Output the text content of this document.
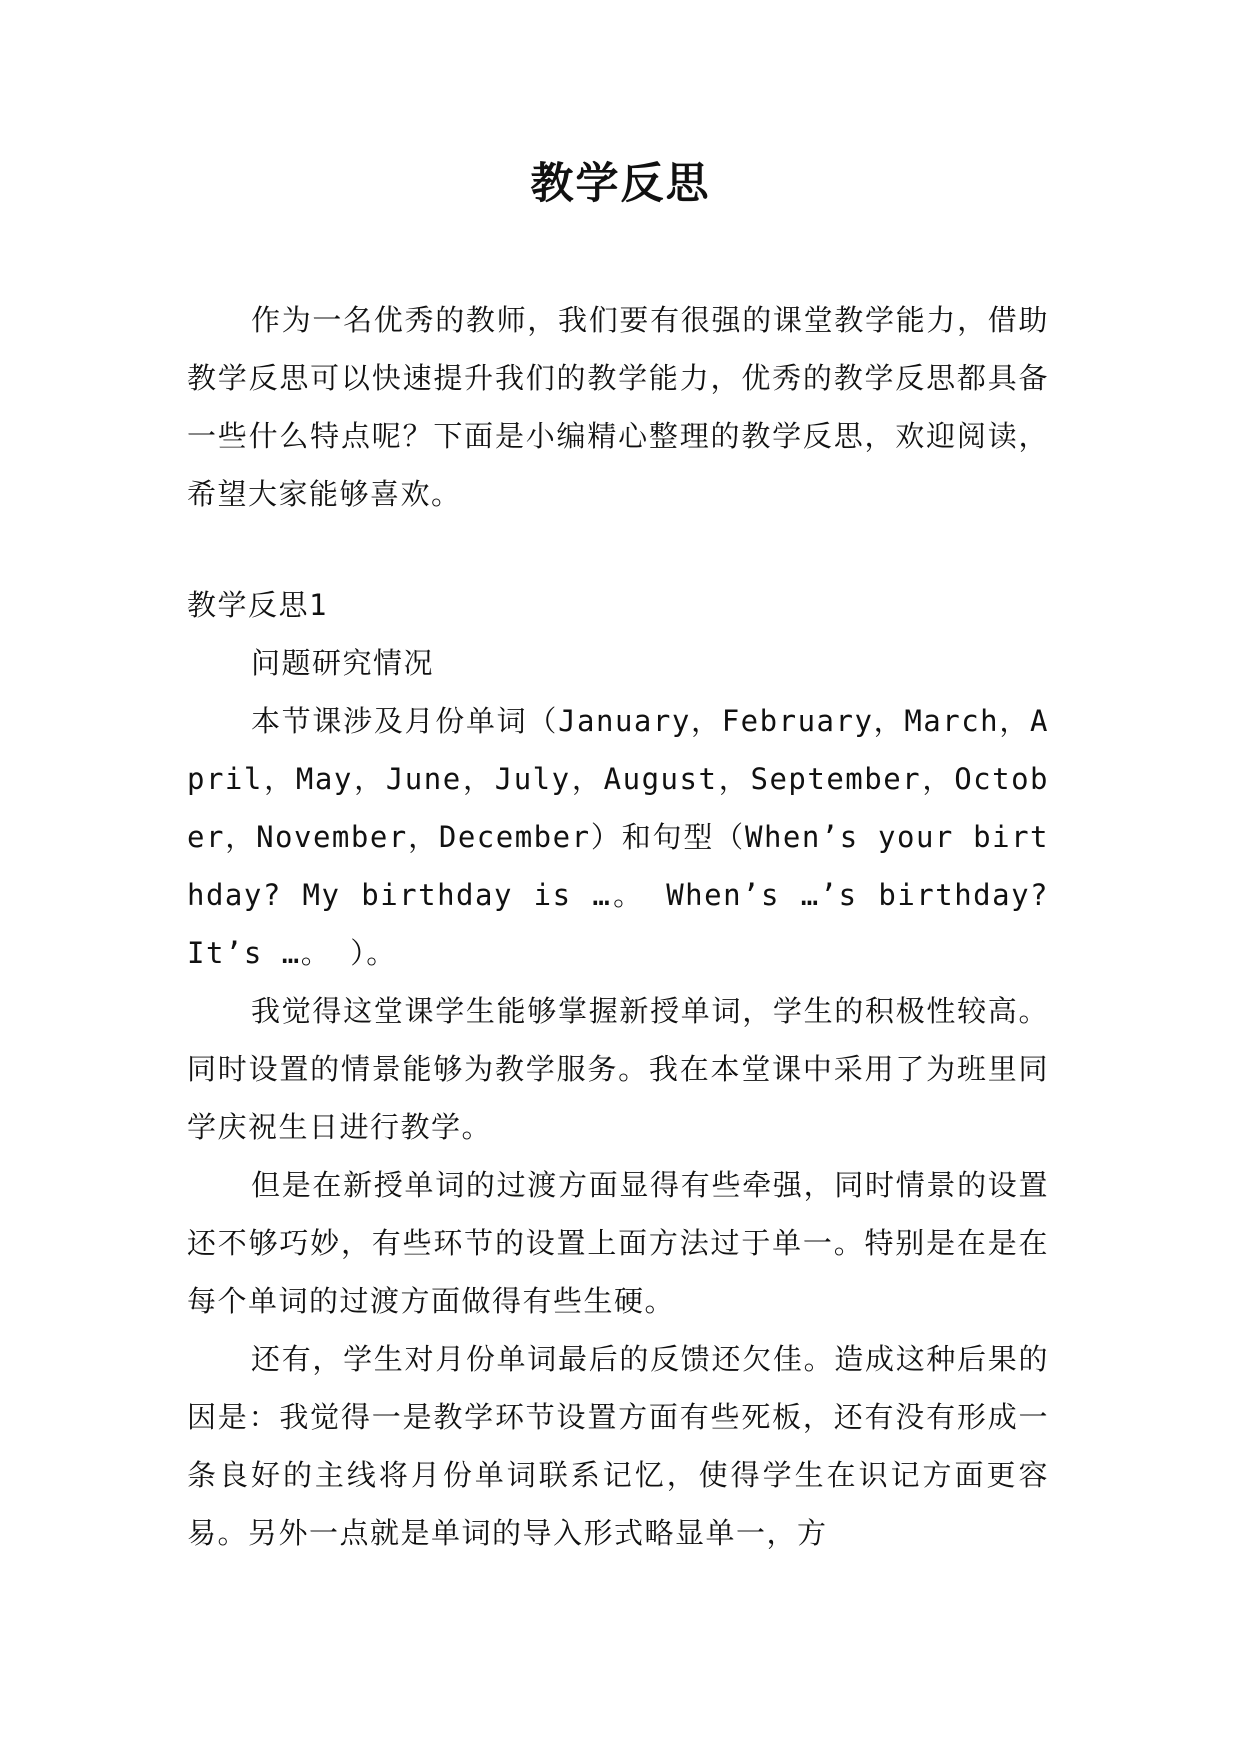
教学反思

作为一名优秀的教师，我们要有很强的课堂教学能力，借助教学反思可以快速提升我们的教学能力，优秀的教学反思都具备一些什么特点呢？下面是小编精心整理的教学反思，欢迎阅读，希望大家能够喜欢。

教学反思1

问题研究情况

本节课涉及月份单词（January，February，March，April，May，June，July，August，September，October，November，December）和句型（When’s your birthday? My birthday is …。 When’s …’s birthday? It’s …。 ）。

我觉得这堂课学生能够掌握新授单词，学生的积极性较高。同时设置的情景能够为教学服务。我在本堂课中采用了为班里同学庆祝生日进行教学。

但是在新授单词的过渡方面显得有些牵强，同时情景的设置还不够巧妙，有些环节的设置上面方法过于单一。特别是在是在每个单词的过渡方面做得有些生硬。

还有，学生对月份单词最后的反馈还欠佳。造成这种后果的因是：我觉得一是教学环节设置方面有些死板，还有没有形成一条良好的主线将月份单词联系记忆，使得学生在识记方面更容易。另外一点就是单词的导入形式略显单一，方
